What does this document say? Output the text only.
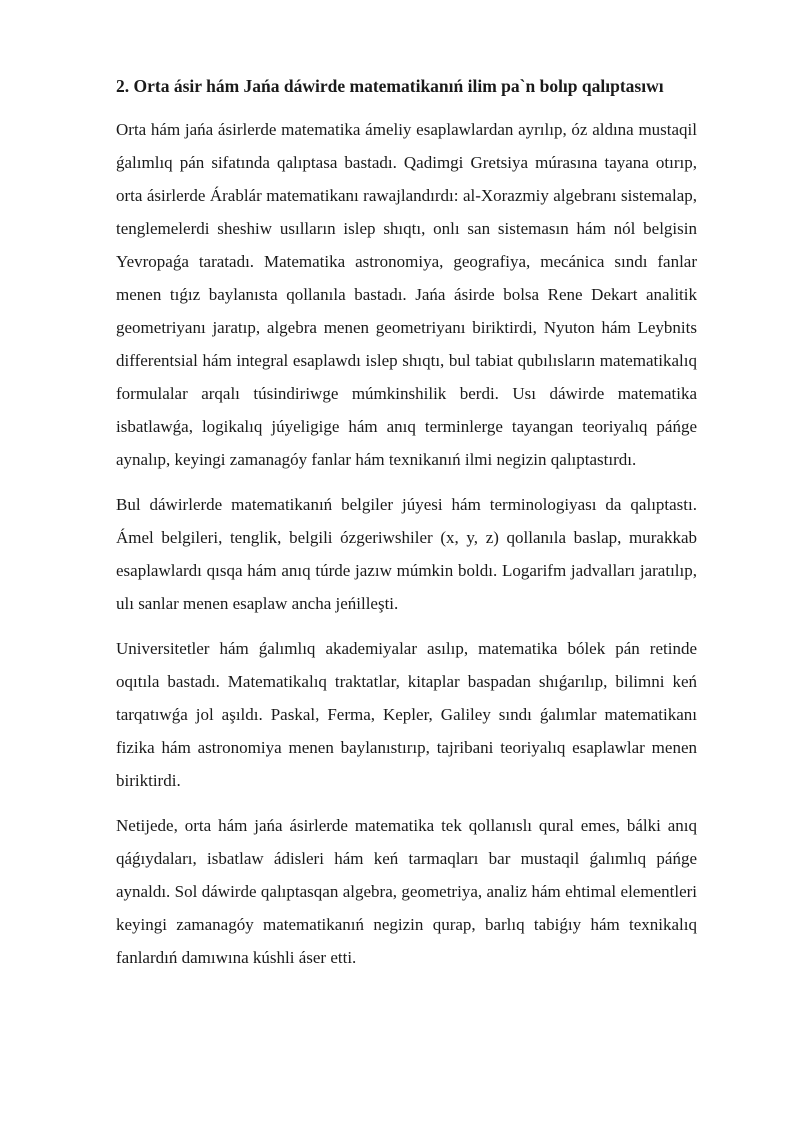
2. Orta ásir hám Jańa dáwirde matematikanıń ilim pa`n bolıp qalıptasıwı

Orta hám jańa ásirlerde matematika ámeliy esaplawlardan ayrılıp, óz aldına mustaqil ǵalımlıq pán sifatında qalıptasa bastadı. Qadimgi Gretsiya múrasına tayana otırıp, orta ásirlerde Árablár matematikanı rawajlandırdı: al-Xorazmiy algebranı sistemalap, tenglemelerdi sheshiw usılların islep shıqtı, onlı san sistemasın hám nól belgisin Yevropaǵa taratadı. Matematika astronomiya, geografiya, mecánica sındı fanlar menen tıǵız baylanısta qollanıla bastadı. Jańa ásirde bolsa Rene Dekart analitik geometriyanı jaratıp, algebra menen geometriyanı biriktirdi, Nyuton hám Leybnits differentsial hám integral esaplawdı islep shıqtı, bul tabiat qubılısların matematikalıq formulalar arqalı túsindiriwge múmkinshilik berdi. Usı dáwirde matematika isbatlawǵa, logikalıq júyeligige hám anıq terminlerge tayangan teoriyalıq páńge aynalıp, keyingi zamanagóy fanlar hám texnikanıń ilmi negizin qalıptastırdı.

Bul dáwirlerde matematikanıń belgiler júyesi hám terminologiyası da qalıptastı. Ámel belgileri, tenglik, belgili ózgeriwshiler (x, y, z) qollanıla baslap, murakkab esaplawlardı qısqa hám anıq túrde jazıw múmkin boldı. Logarifm jadvalları jaratılıp, ulı sanlar menen esaplaw ancha jeńilleşti.

Universitetler hám ǵalımlıq akademiyalar asılıp, matematika bólek pán retinde oqıtıla bastadı. Matematikalıq traktatlar, kitaplar baspadan shıǵarılıp, bilimni keń tarqatıwǵa jol aşıldı. Paskal, Ferma, Kepler, Galiley sındı ǵalımlar matematikanı fizika hám astronomiya menen baylanıstırıp, tajribani teoriyalıq esaplawlar menen biriktirdi.

Netijede, orta hám jańa ásirlerde matematika tek qollanıslı qural emes, bálki anıq qáǵıydaları, isbatlaw ádisleri hám keń tarmaqları bar mustaqil ǵalımlıq páńge aynaldı. Sol dáwirde qalıptasqan algebra, geometriya, analiz hám ehtimal elementleri keyingi zamanagóy matematikanıń negizin qurap, barlıq tabiǵıy hám texnikalıq fanlardıń damıwına kúshli áser etti.
